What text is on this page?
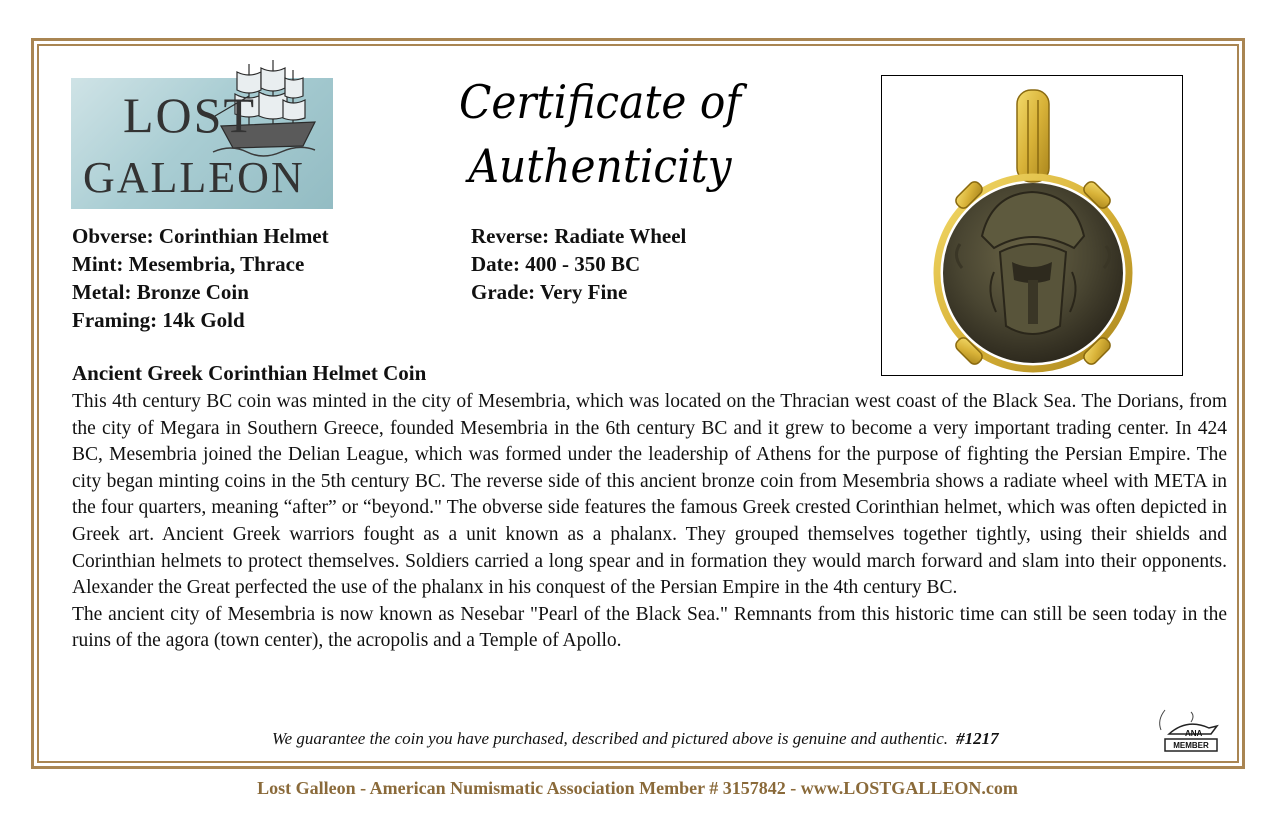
LOST
GALLEON
Certificate of
Authenticity
Obverse: Corinthian Helmet
Mint: Mesembria, Thrace
Metal: Bronze Coin
Framing: 14k Gold
Reverse: Radiate Wheel
Date: 400 - 350 BC
Grade: Very Fine
Ancient Greek Corinthian Helmet Coin

This 4th century BC coin was minted in the city of Mesembria, which was located on the Thracian west coast of the Black Sea. The Dorians, from the city of Megara in Southern Greece, founded Mesembria in the 6th century BC and it grew to become a very important trading center. In 424 BC, Mesembria joined the Delian League, which was formed under the leadership of Athens for the purpose of fighting the Persian Empire. The city began minting coins in the 5th century BC. The reverse side of this ancient bronze coin from Mesembria shows a radiate wheel with META in the four quarters, meaning “after” or “beyond." The obverse side features the famous Greek crested Corinthian helmet, which was often depicted in Greek art. Ancient Greek warriors fought as a unit known as a phalanx. They grouped themselves together tightly, using their shields and Corinthian helmets to protect themselves. Soldiers carried a long spear and in formation they would march forward and slam into their opponents. Alexander the Great perfected the use of the phalanx in his conquest of the Persian Empire in the 4th century BC.

The ancient city of Mesembria is now known as Nesebar "Pearl of the Black Sea." Remnants from this historic time can still be seen today in the ruins of the agora (town center), the acropolis and a Temple of Apollo.

We guarantee the coin you have purchased, described and pictured above is genuine and authentic. #1217	ANA
MEMBER
Lost Galleon - American Numismatic Association Member # 3157842 - www.LOSTGALLEON.com
